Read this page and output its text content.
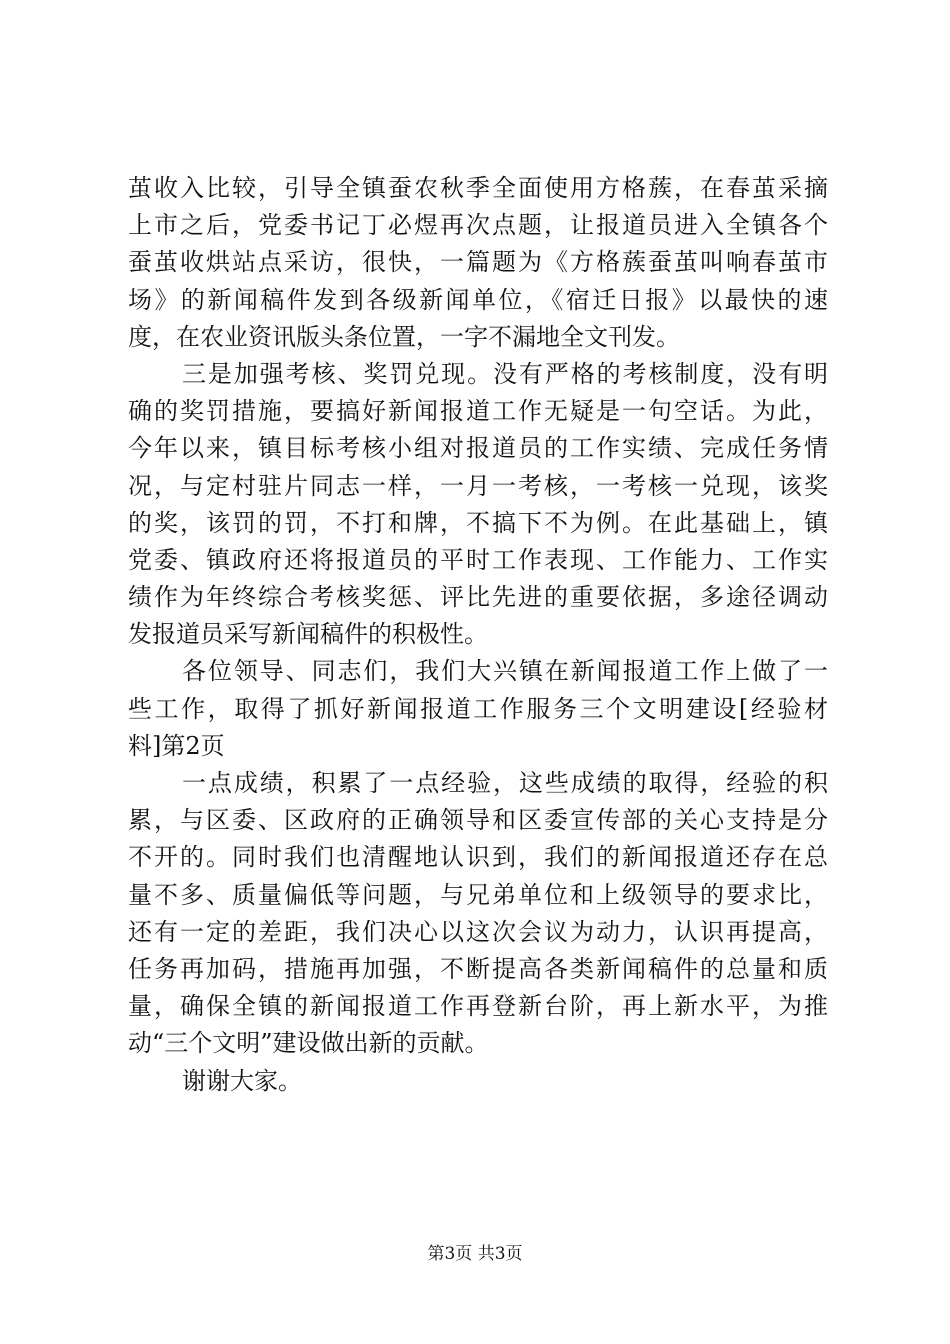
茧收入比较，引导全镇蚕农秋季全面使用方格蔟，在春茧采摘
上市之后，党委书记丁必煜再次点题，让报道员进入全镇各个
蚕茧收烘站点采访，很快，一篇题为《方格蔟蚕茧叫响春茧市
场》的新闻稿件发到各级新闻单位，《宿迁日报》以最快的速
度，在农业资讯版头条位置，一字不漏地全文刊发。
三是加强考核、奖罚兑现。没有严格的考核制度，没有明
确的奖罚措施，要搞好新闻报道工作无疑是一句空话。为此，
今年以来，镇目标考核小组对报道员的工作实绩、完成任务情
况，与定村驻片同志一样，一月一考核，一考核一兑现，该奖
的奖，该罚的罚，不打和牌，不搞下不为例。在此基础上，镇
党委、镇政府还将报道员的平时工作表现、工作能力、工作实
绩作为年终综合考核奖惩、评比先进的重要依据，多途径调动
发报道员采写新闻稿件的积极性。
各位领导、同志们，我们大兴镇在新闻报道工作上做了一
些工作，取得了抓好新闻报道工作服务三个文明建设[经验材
料]第2页
一点成绩，积累了一点经验，这些成绩的取得，经验的积
累，与区委、区政府的正确领导和区委宣传部的关心支持是分
不开的。同时我们也清醒地认识到，我们的新闻报道还存在总
量不多、质量偏低等问题，与兄弟单位和上级领导的要求比，
还有一定的差距，我们决心以这次会议为动力，认识再提高，
任务再加码，措施再加强，不断提高各类新闻稿件的总量和质
量，确保全镇的新闻报道工作再登新台阶，再上新水平，为推
动“三个文明”建设做出新的贡献。
谢谢大家。
第3页 共3页
